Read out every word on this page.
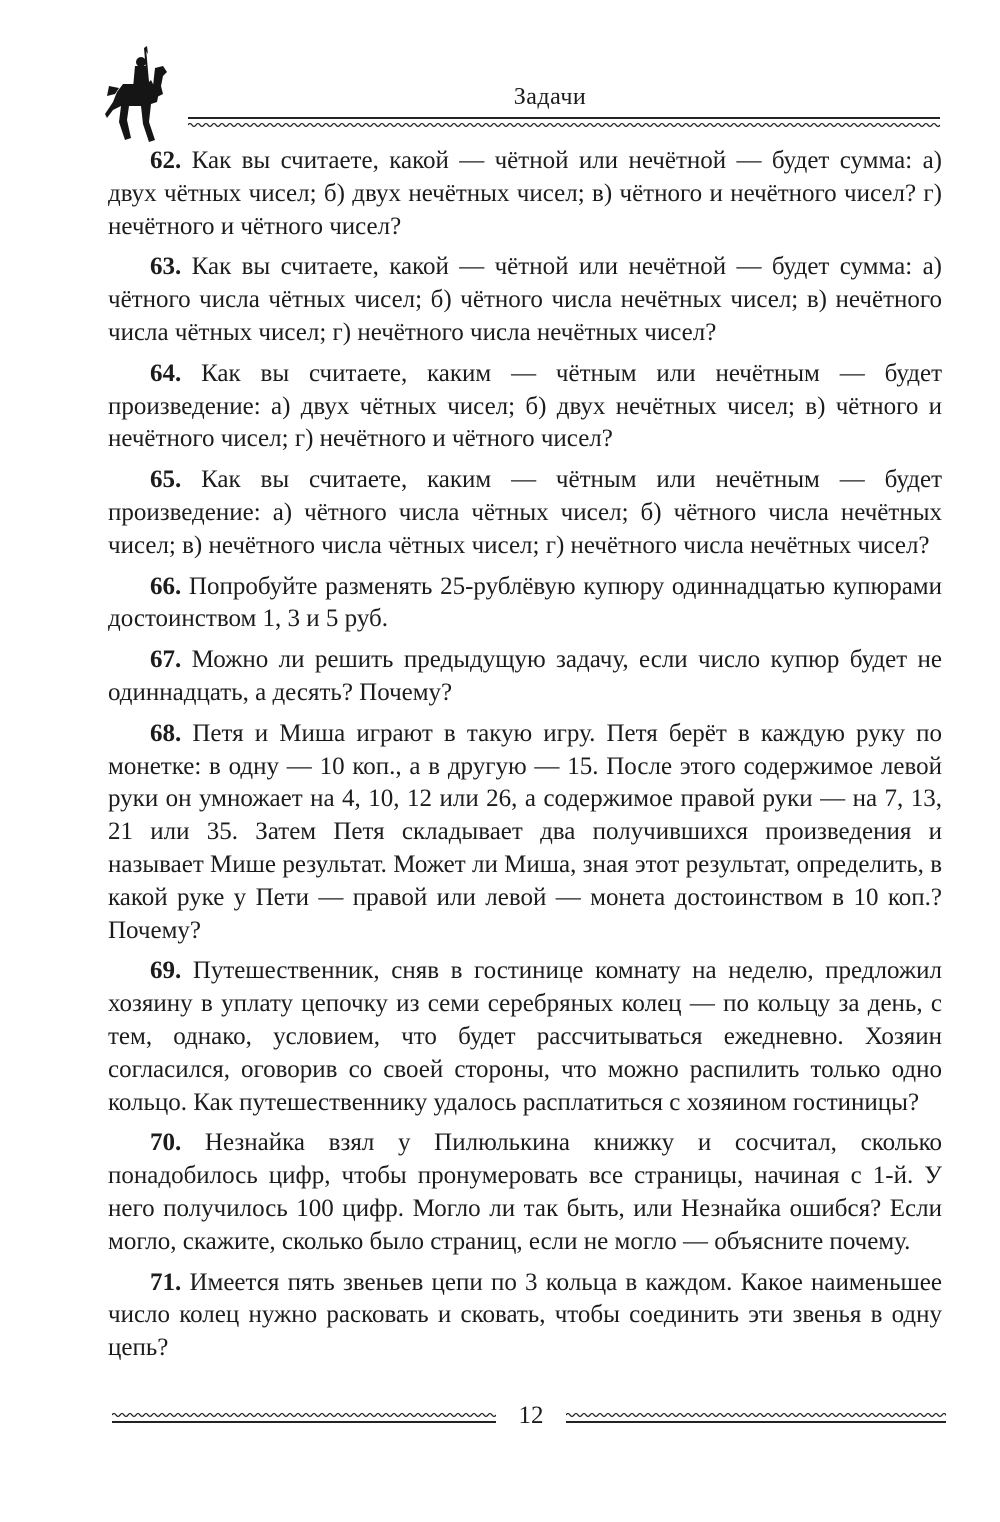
Задачи

62. Как вы считаете, какой — чётной или нечётной — будет сумма: а) двух чётных чисел; б) двух нечётных чисел; в) чётного и нечётного чисел? г) нечётного и чётного чисел?

63. Как вы считаете, какой — чётной или нечётной — будет сумма: а) чётного числа чётных чисел; б) чётного числа нечётных чисел; в) нечётного числа чётных чисел; г) нечётного числа нечётных чисел?

64. Как вы считаете, каким — чётным или нечётным — будет произведение: а) двух чётных чисел; б) двух нечётных чисел; в) чётного и нечётного чисел; г) нечётного и чётного чисел?

65. Как вы считаете, каким — чётным или нечётным — будет произведение: а) чётного числа чётных чисел; б) чётного числа нечётных чисел; в) нечётного числа чётных чисел; г) нечётного числа нечётных чисел?

66. Попробуйте разменять 25-рублёвую купюру одиннадцатью купюрами достоинством 1, 3 и 5 руб.

67. Можно ли решить предыдущую задачу, если число купюр будет не одиннадцать, а десять? Почему?

68. Петя и Миша играют в такую игру. Петя берёт в каждую руку по монетке: в одну — 10 коп., а в другую — 15. После этого содержимое левой руки он умножает на 4, 10, 12 или 26, а содержимое правой руки — на 7, 13, 21 или 35. Затем Петя складывает два получившихся произведения и называет Мише результат. Может ли Миша, зная этот результат, определить, в какой руке у Пети — правой или левой — монета достоинством в 10 коп.? Почему?

69. Путешественник, сняв в гостинице комнату на неделю, предложил хозяину в уплату цепочку из семи серебряных колец — по кольцу за день, с тем, однако, условием, что будет рассчитываться ежедневно. Хозяин согласился, оговорив со своей стороны, что можно распилить только одно кольцо. Как путешественнику удалось расплатиться с хозяином гостиницы?

70. Незнайка взял у Пилюлькина книжку и сосчитал, сколько понадобилось цифр, чтобы пронумеровать все страницы, начиная с 1-й. У него получилось 100 цифр. Могло ли так быть, или Незнайка ошибся? Если могло, скажите, сколько было страниц, если не могло — объясните почему.

71. Имеется пять звеньев цепи по 3 кольца в каждом. Какое наименьшее число колец нужно расковать и сковать, чтобы соединить эти звенья в одну цепь?

12
